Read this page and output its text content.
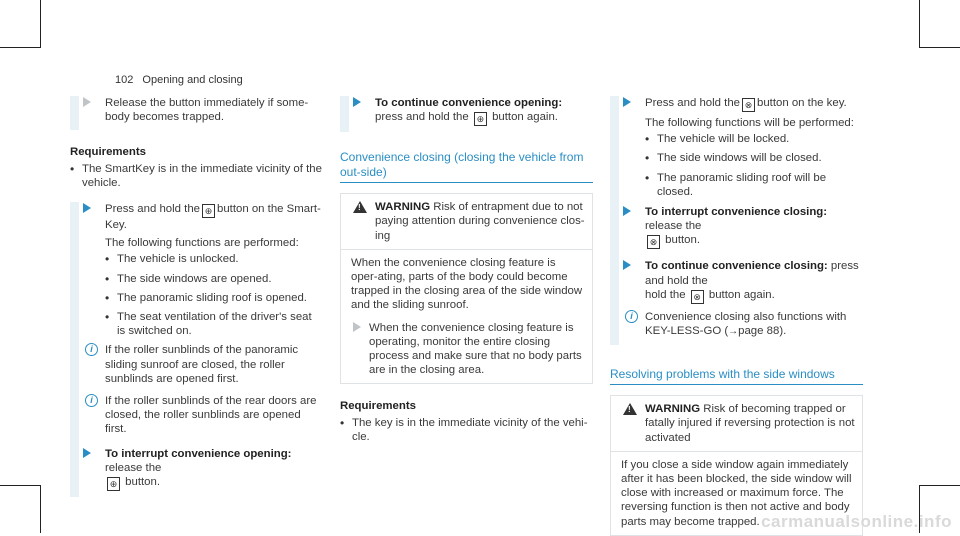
102 Opening and closing
Release the button immediately if some-body becomes trapped.
Requirements
• The SmartKey is in the immediate vicinity of the vehicle.
Press and hold the ⊕ button on the Smart-Key.
The following functions are performed:
• The vehicle is unlocked.
• The side windows are opened.
• The panoramic sliding roof is opened.
• The seat ventilation of the driver's seat is switched on.
i	If the roller sunblinds of the panoramic sliding sunroof are closed, the roller sunblinds are opened first.
i	If the roller sunblinds of the rear doors are closed, the roller sunblinds are opened first.
To interrupt convenience opening: release the
⊕ button.
To continue convenience opening: press and hold the ⊕ button again.
Convenience closing (closing the vehicle from out-side)
!
WARNING Risk of entrapment due to not paying attention during convenience clos-ing
When the convenience closing feature is oper-ating, parts of the body could become trapped in the closing area of the side window and the sliding sunroof.
When the convenience closing feature is operating, monitor the entire closing process and make sure that no body parts are in the closing area.
Requirements
• The key is in the immediate vicinity of the vehi-cle.
Press and hold the ⊗ button on the key.
The following functions will be performed:
• The vehicle will be locked.
• The side windows will be closed.
• The panoramic sliding roof will be closed.
To interrupt convenience closing: release the
⊗ button.
To continue convenience closing: press and hold the
hold the ⊗ button again.
i	Convenience closing also functions with KEY-LESS-GO (→page 88).
Resolving problems with the side windows
!
WARNING Risk of becoming trapped or fatally injured if reversing protection is not activated
If you close a side window again immediately after it has been blocked, the side window will close with increased or maximum force. The reversing function is then not active and body parts may become trapped. carmanualsonline.info
